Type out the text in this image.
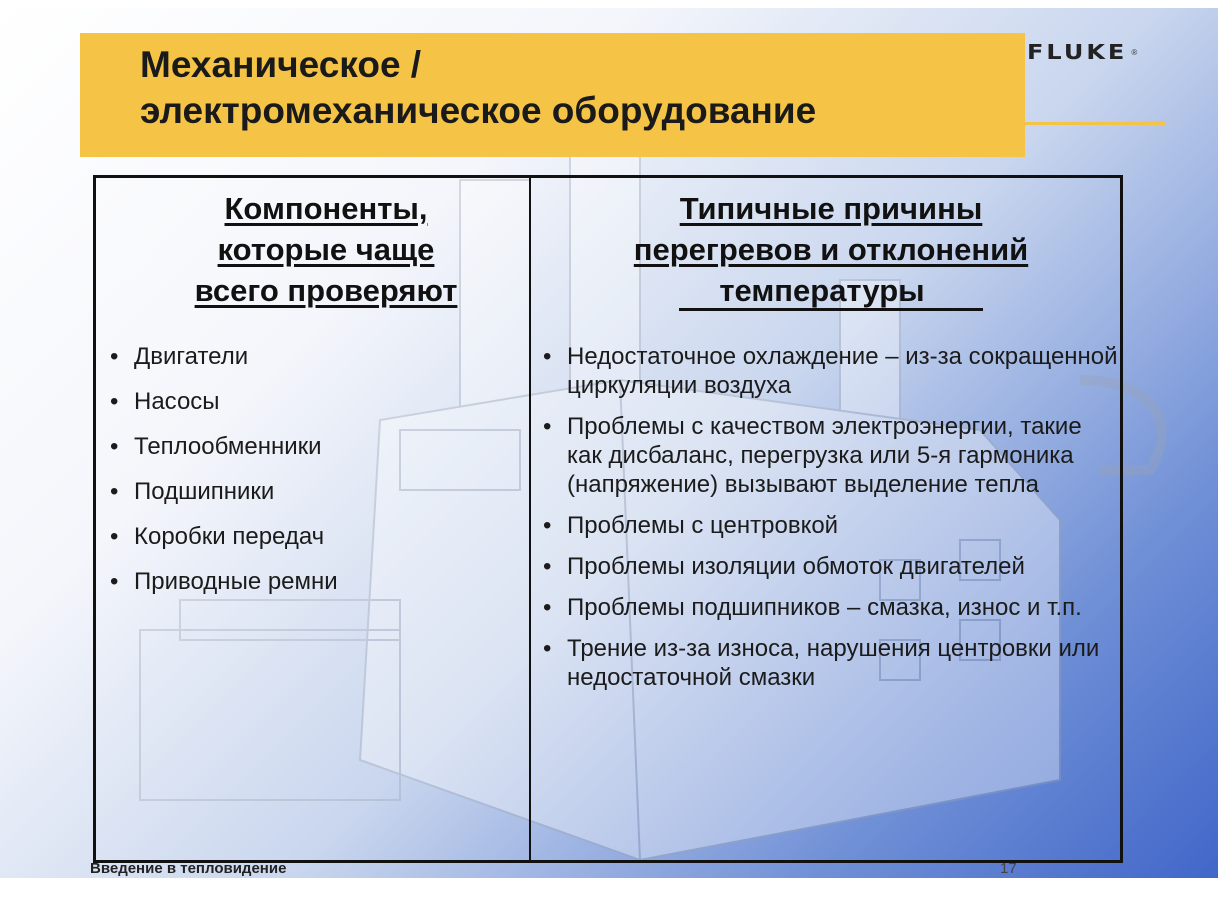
Механическое /
электромеханическое оборудование
FLUKE ®
Компоненты,
которые чаще
всего проверяют
Типичные причины
перегревов и отклонений
температуры
• Двигатели
• Насосы
• Теплообменники
• Подшипники
• Коробки передач
• Приводные ремни
• Недостаточное охлаждение – из-за сокращенной циркуляции воздуха
• Проблемы с качеством электроэнергии, такие как дисбаланс, перегрузка или 5-я гармоника (напряжение) вызывают выделение тепла
• Проблемы с центровкой
• Проблемы изоляции обмоток двигателей
• Проблемы подшипников – смазка, износ и т.п.
• Трение из-за износа, нарушения центровки или недостаточной смазки
Введение в тепловидение	17
